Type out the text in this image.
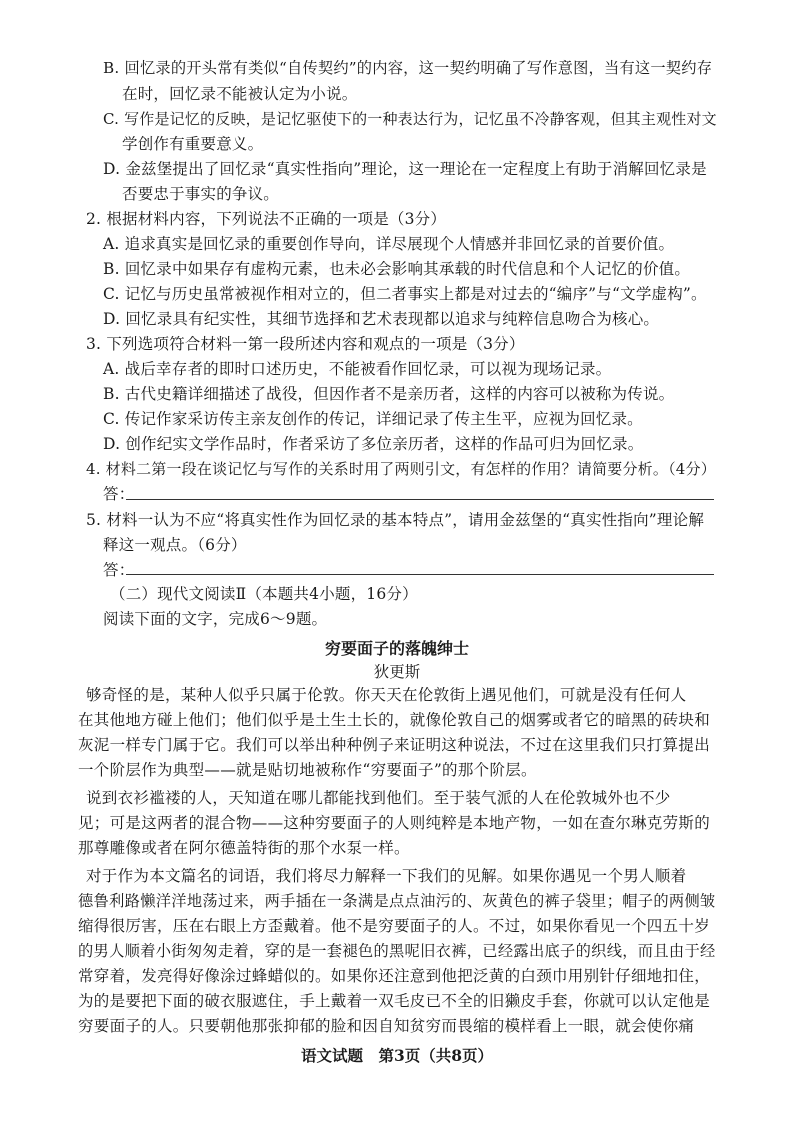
B. 回忆录的开头常有类似“自传契约”的内容，这一契约明确了写作意图，当有这一契约存
在时，回忆录不能被认定为小说。
C. 写作是记忆的反映，是记忆驱使下的一种表达行为，记忆虽不冷静客观，但其主观性对文
学创作有重要意义。
D. 金兹堡提出了回忆录“真实性指向”理论，这一理论在一定程度上有助于消解回忆录是
否要忠于事实的争议。
2. 根据材料内容，下列说法不正确的一项是（3分）
A. 追求真实是回忆录的重要创作导向，详尽展现个人情感并非回忆录的首要价值。
B. 回忆录中如果存有虚构元素，也未必会影响其承载的时代信息和个人记忆的价值。
C. 记忆与历史虽常被视作相对立的，但二者事实上都是对过去的“编序”与“文学虚构”。
D. 回忆录具有纪实性，其细节选择和艺术表现都以追求与纯粹信息吻合为核心。
3. 下列选项符合材料一第一段所述内容和观点的一项是（3分）
A. 战后幸存者的即时口述历史，不能被看作回忆录，可以视为现场记录。
B. 古代史籍详细描述了战役，但因作者不是亲历者，这样的内容可以被称为传说。
C. 传记作家采访传主亲友创作的传记，详细记录了传主生平，应视为回忆录。
D. 创作纪实文学作品时，作者采访了多位亲历者，这样的作品可归为回忆录。
4. 材料二第一段在谈记忆与写作的关系时用了两则引文，有怎样的作用？请简要分析。（4分）
答：
5. 材料一认为不应“将真实性作为回忆录的基本特点”，请用金兹堡的“真实性指向”理论解
释这一观点。（6分）
答：
（二）现代文阅读Ⅱ（本题共4小题，16分）
阅读下面的文字，完成6～9题。
穷要面子的落魄绅士
狄更斯
够奇怪的是，某种人似乎只属于伦敦。你天天在伦敦街上遇见他们，可就是没有任何人
在其他地方碰上他们；他们似乎是土生土长的，就像伦敦自己的烟雾或者它的暗黑的砖块和
灰泥一样专门属于它。我们可以举出种种例子来证明这种说法，不过在这里我们只打算提出
一个阶层作为典型——就是贴切地被称作“穷要面子”的那个阶层。
说到衣衫褴褛的人，天知道在哪儿都能找到他们。至于装气派的人在伦敦城外也不少
见；可是这两者的混合物——这种穷要面子的人则纯粹是本地产物，一如在查尔琳克劳斯的
那尊雕像或者在阿尔德盖特街的那个水泵一样。
对于作为本文篇名的词语，我们将尽力解释一下我们的见解。如果你遇见一个男人顺着
德鲁利路懒洋洋地荡过来，两手插在一条满是点点油污的、灰黄色的裤子袋里；帽子的两侧皱
缩得很厉害，压在右眼上方歪戴着。他不是穷要面子的人。不过，如果你看见一个四五十岁
的男人顺着小街匆匆走着，穿的是一套褪色的黑呢旧衣裤，已经露出底子的织线，而且由于经
常穿着，发亮得好像涂过蜂蜡似的。如果你还注意到他把泛黄的白颈巾用别针仔细地扣住，
为的是要把下面的破衣服遮住，手上戴着一双毛皮已不全的旧獭皮手套，你就可以认定他是
穷要面子的人。只要朝他那张抑郁的脸和因自知贫穷而畏缩的模样看上一眼，就会使你痛
语文试题　第3页（共8页）
